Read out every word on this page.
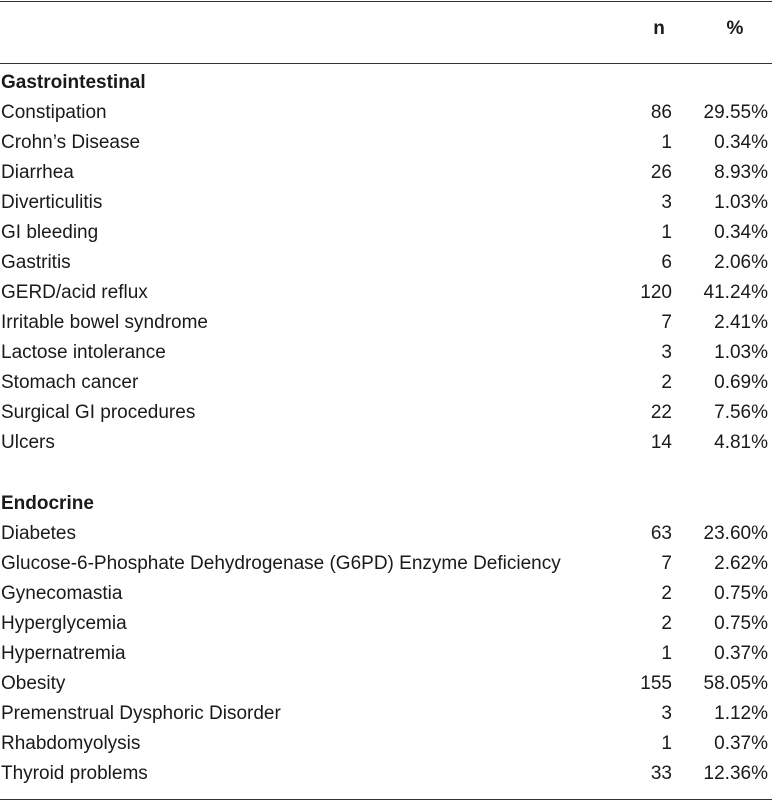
n	%
Gastrointestinal
Constipation	86 29.55%
Crohn’s Disease	1 0.34%
Diarrhea	26 8.93%
Diverticulitis	3 1.03%
GI bleeding	1 0.34%
Gastritis	6 2.06%
GERD/acid reflux	120 41.24%
Irritable bowel syndrome	7 2.41%
Lactose intolerance	3 1.03%
Stomach cancer	2 0.69%
Surgical GI procedures	22 7.56%
Ulcers	14 4.81%
Endocrine
Diabetes	63 23.60%
Glucose-6-Phosphate Dehydrogenase (G6PD) Enzyme Deficiency	7 2.62%
Gynecomastia	2 0.75%
Hyperglycemia	2 0.75%
Hypernatremia	1 0.37%
Obesity	155 58.05%
Premenstrual Dysphoric Disorder	3 1.12%
Rhabdomyolysis	1 0.37%
Thyroid problems	33 12.36%
